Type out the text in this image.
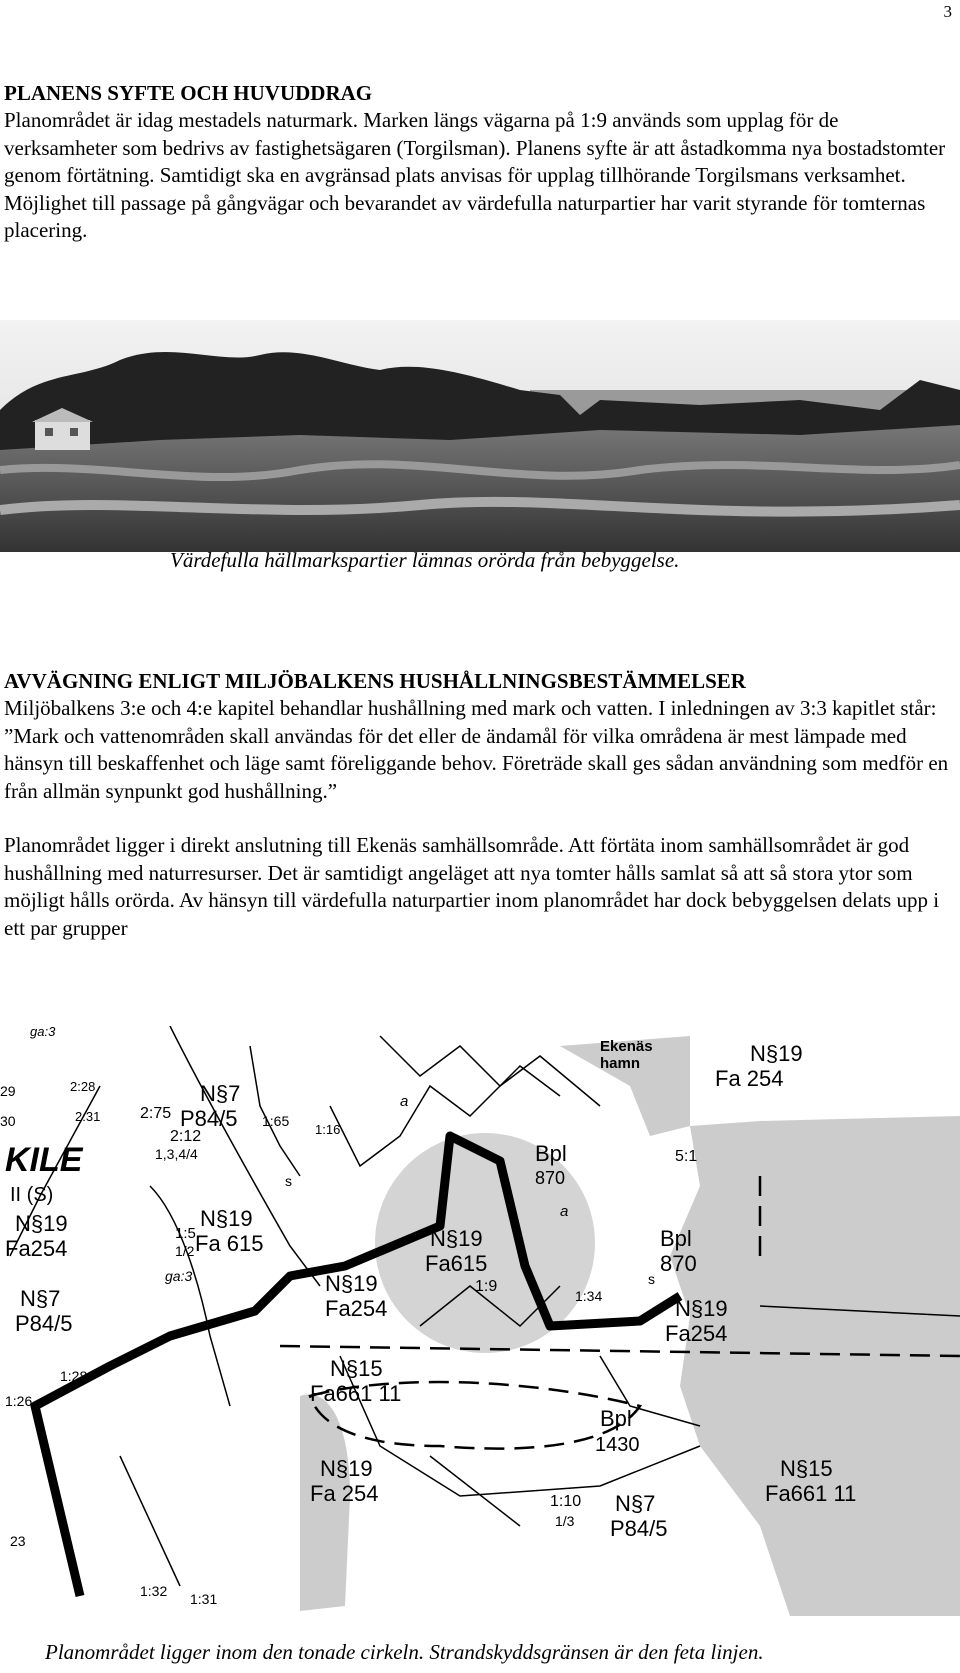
3
PLANENS SYFTE OCH HUVUDDRAG

Planområdet är idag mestadels naturmark. Marken längs vägarna på 1:9 används som upplag för de verksamheter som bedrivs av fastighetsägaren (Torgilsman). Planens syfte är att åstadkomma nya bostadstomter genom förtätning. Samtidigt ska en avgränsad plats anvisas för upplag tillhörande Torgilsmans verksamhet. Möjlighet till passage på gångvägar och bevarandet av värdefulla naturpartier har varit styrande för tomternas placering.

Värdefulla hällmarkspartier lämnas orörda från bebyggelse.
AVVÄGNING ENLIGT MILJÖBALKENS HUSHÅLLNINGSBESTÄMMELSER

Miljöbalkens 3:e och 4:e kapitel behandlar hushållning med mark och vatten. I inledningen av 3:3 kapitlet står: ”Mark och vattenområden skall användas för det eller de ändamål för vilka områdena är mest lämpade med hänsyn till beskaffenhet och läge samt föreliggande behov. Företräde skall ges sådan användning som medför en från allmän synpunkt god hushållning.”

Planområdet ligger i direkt anslutning till Ekenäs samhällsområde. Att förtäta inom samhällsområdet är god hushållning med naturresurser. Det är samtidigt angeläget att nya tomter hålls samlat så att så stora ytor som möjligt hålls orörda. Av hänsyn till värdefulla naturpartier inom planområdet har dock bebyggelsen delats upp i ett par grupper

Ekenäs
hamn
KILE
II (S)
ga:3
ga:3
N§7
P84/5
N§7
P84/5
N§7
P84/5
N§19
Fa254
N§19
Fa 615	N§19
Fa615
N§19
Fa254
N§19
Fa 254
N§19
Fa254
N§19
Fa 254
N§15
Fa661 11
N§15
Fa661 11
Bpl
870
Bpl
870
Bpl
1430
5:1
1:9
2:12
1,3,4/4
2:75
1:5
1/2
1:10
1/3
1:65
29
30
1:26
1:28
1:32 1:31
1:34
1:16
23
2:28
2:31
a
a
s
s
Planområdet ligger inom den tonade cirkeln. Strandskyddsgränsen är den feta linjen.
